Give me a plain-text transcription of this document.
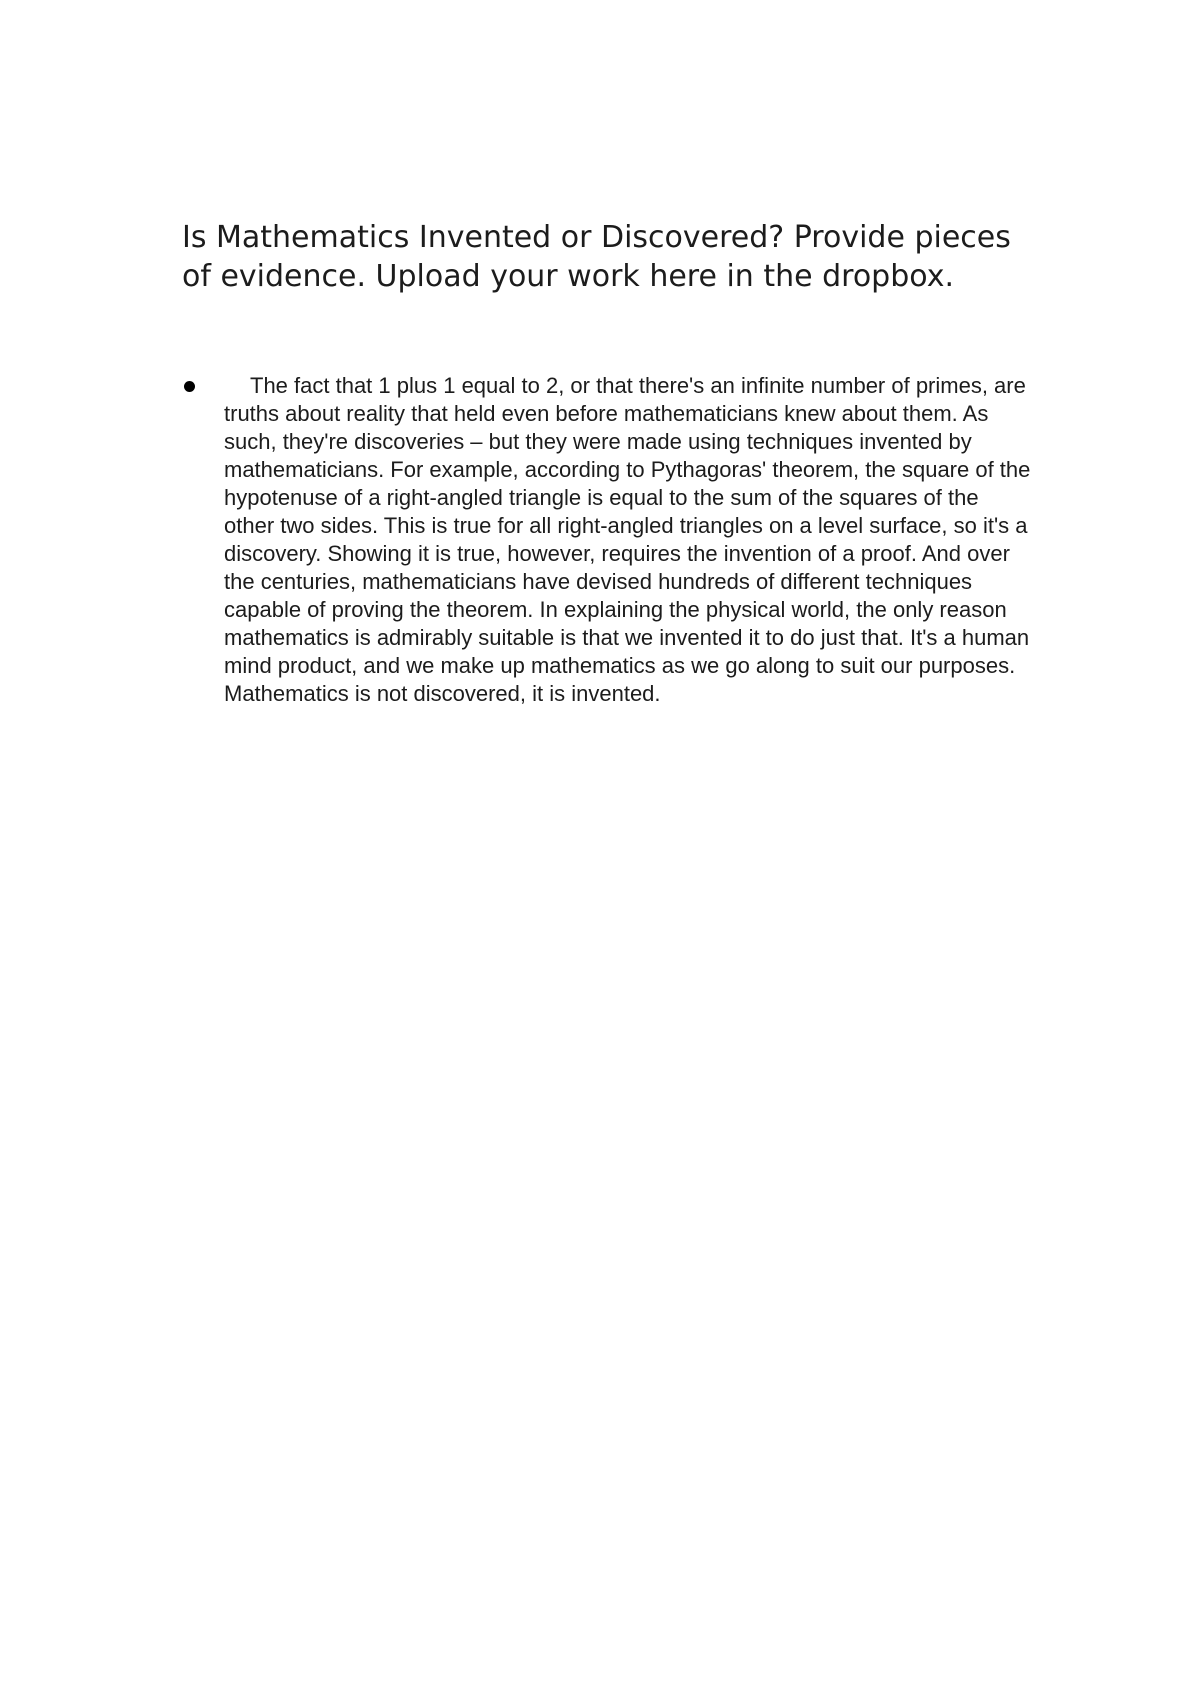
Is Mathematics Invented or Discovered? Provide pieces of evidence. Upload your work here in the dropbox.
The fact that 1 plus 1 equal to 2, or that there's an infinite number of primes, are truths about reality that held even before mathematicians knew about them. As such, they're discoveries – but they were made using techniques invented by mathematicians. For example, according to Pythagoras' theorem, the square of the hypotenuse of a right-angled triangle is equal to the sum of the squares of the other two sides. This is true for all right-angled triangles on a level surface, so it's a discovery. Showing it is true, however, requires the invention of a proof. And over the centuries, mathematicians have devised hundreds of different techniques capable of proving the theorem. In explaining the physical world, the only reason mathematics is admirably suitable is that we invented it to do just that. It's a human mind product, and we make up mathematics as we go along to suit our purposes. Mathematics is not discovered, it is invented.
